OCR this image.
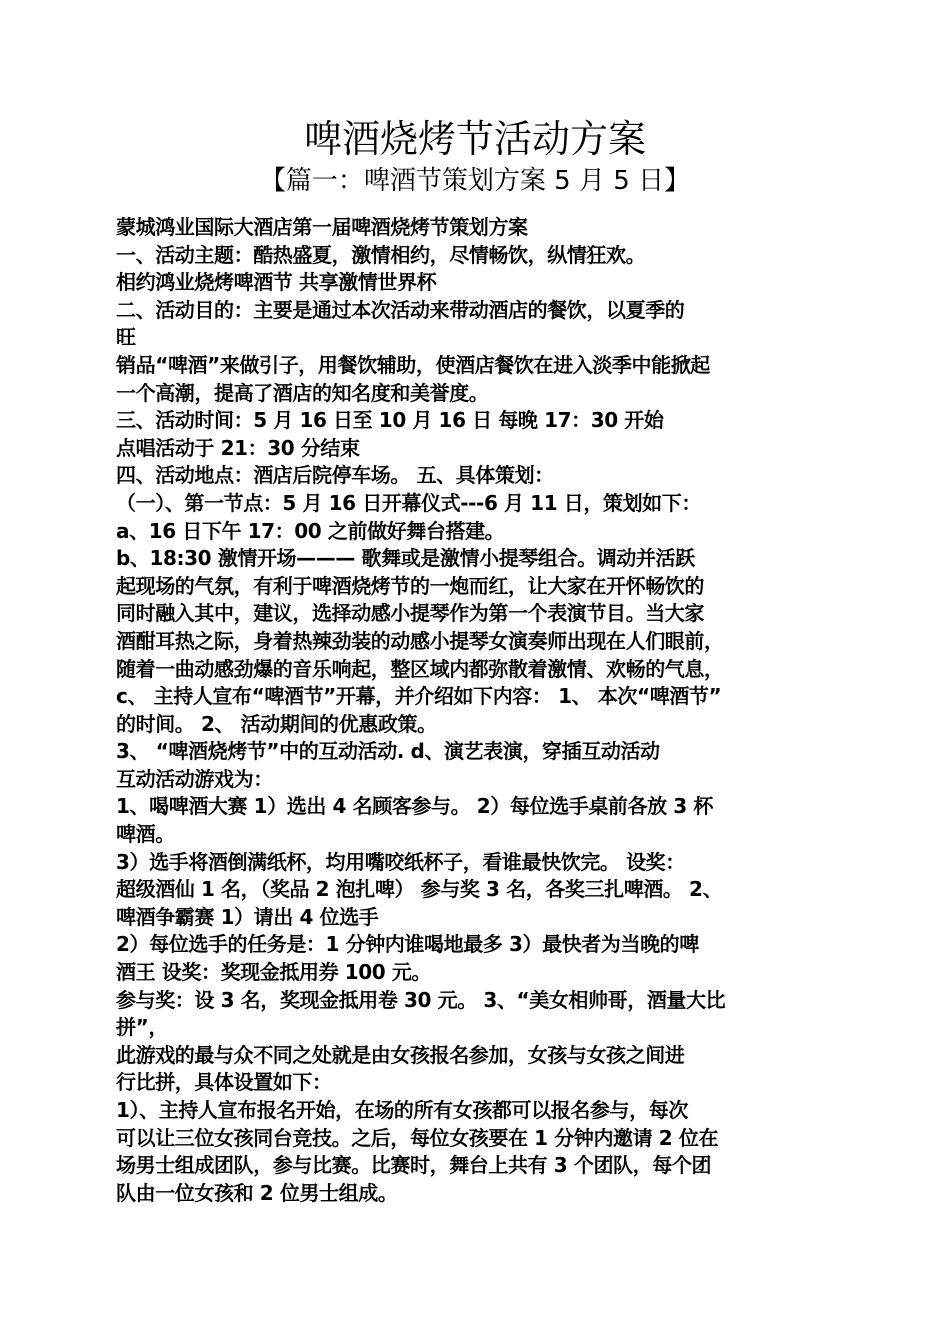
啤酒烧烤节活动方案
【篇一：啤酒节策划方案 5 月 5 日】
蒙城鸿业国际大酒店第一届啤酒烧烤节策划方案
一、活动主题：酷热盛夏，激情相约，尽情畅饮，纵情狂欢。
相约鸿业烧烤啤酒节 共享激情世界杯
二、活动目的：主要是通过本次活动来带动酒店的餐饮，以夏季的
旺
销品“啤酒”来做引子，用餐饮辅助，使酒店餐饮在进入淡季中能掀起
一个高潮，提高了酒店的知名度和美誉度。
三、活动时间：5 月 16 日至 10 月 16 日 每晚 17：30 开始
点唱活动于 21：30 分结束
四、活动地点：酒店后院停车场。 五、具体策划：
（一）、第一节点：5 月 16 日开幕仪式---6 月 11 日，策划如下：
a、16 日下午 17：00 之前做好舞台搭建。
b、18:30 激情开场——— 歌舞或是激情小提琴组合。调动并活跃
起现场的气氛，有利于啤酒烧烤节的一炮而红，让大家在开怀畅饮的
同时融入其中，建议，选择动感小提琴作为第一个表演节目。当大家
酒酣耳热之际，身着热辣劲装的动感小提琴女演奏师出现在人们眼前，
随着一曲动感劲爆的音乐响起，整区域内都弥散着激情、欢畅的气息，
c、 主持人宣布“啤酒节”开幕，并介绍如下内容： 1、 本次“啤酒节”
的时间。 2、 活动期间的优惠政策。
3、 “啤酒烧烤节”中的互动活动. d、演艺表演，穿插互动活动
互动活动游戏为：
1、喝啤酒大赛 1）选出 4 名顾客参与。 2）每位选手桌前各放 3 杯
啤酒。
3）选手将酒倒满纸杯，均用嘴咬纸杯子，看谁最快饮完。 设奖：
超级酒仙 1 名，（奖品 2 泡扎啤） 参与奖 3 名，各奖三扎啤酒。 2、
啤酒争霸赛 1）请出 4 位选手
2）每位选手的任务是：1 分钟内谁喝地最多 3）最快者为当晚的啤
酒王 设奖：奖现金抵用券 100 元。
参与奖：设 3 名，奖现金抵用卷 30 元。 3、“美女相帅哥，酒量大比
拼”，
此游戏的最与众不同之处就是由女孩报名参加，女孩与女孩之间进
行比拼，具体设置如下：
1）、主持人宣布报名开始，在场的所有女孩都可以报名参与，每次
可以让三位女孩同台竞技。之后，每位女孩要在 1 分钟内邀请 2 位在
场男士组成团队，参与比赛。比赛时，舞台上共有 3 个团队，每个团
队由一位女孩和 2 位男士组成。
